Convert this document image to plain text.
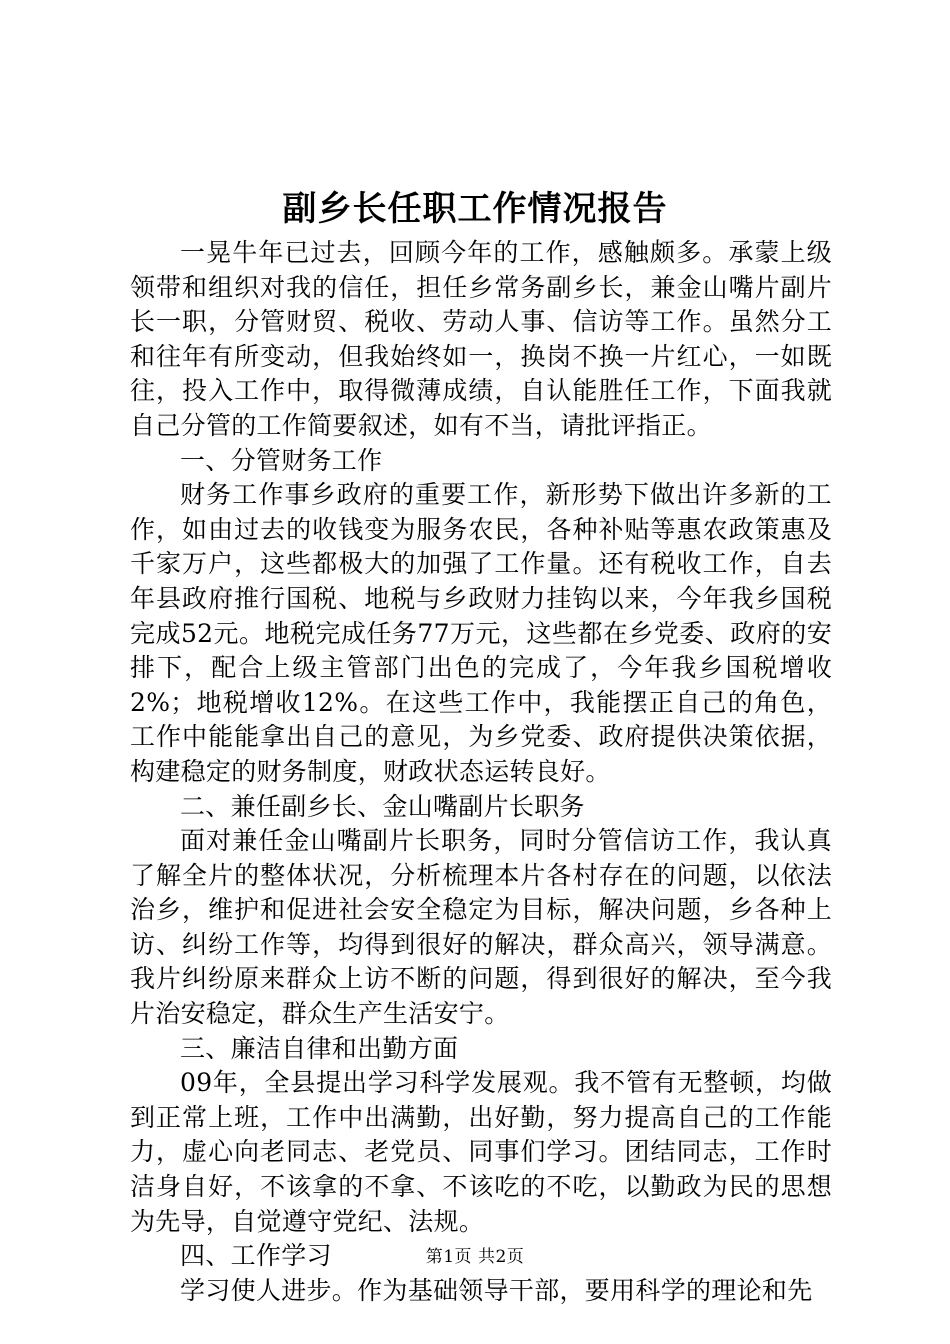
副乡长任职工作情况报告

一晃牛年已过去，回顾今年的工作，感触颇多。承蒙上级领带和组织对我的信任，担任乡常务副乡长，兼金山嘴片副片长一职，分管财贸、税收、劳动人事、信访等工作。虽然分工和往年有所变动，但我始终如一，换岗不换一片红心，一如既往，投入工作中，取得微薄成绩，自认能胜任工作，下面我就自己分管的工作简要叙述，如有不当，请批评指正。

一、分管财务工作

财务工作事乡政府的重要工作，新形势下做出许多新的工作，如由过去的收钱变为服务农民，各种补贴等惠农政策惠及千家万户，这些都极大的加强了工作量。还有税收工作，自去年县政府推行国税、地税与乡政财力挂钩以来，今年我乡国税完成52元。地税完成任务77万元，这些都在乡党委、政府的安排下，配合上级主管部门出色的完成了，今年我乡国税增收2%；地税增收12%。在这些工作中，我能摆正自己的角色，工作中能能拿出自己的意见，为乡党委、政府提供决策依据，构建稳定的财务制度，财政状态运转良好。

二、兼任副乡长、金山嘴副片长职务

面对兼任金山嘴副片长职务，同时分管信访工作，我认真了解全片的整体状况，分析梳理本片各村存在的问题，以依法治乡，维护和促进社会安全稳定为目标，解决问题，乡各种上访、纠纷工作等，均得到很好的解决，群众高兴，领导满意。我片纠纷原来群众上访不断的问题，得到很好的解决，至今我片治安稳定，群众生产生活安宁。

三、廉洁自律和出勤方面

09年，全县提出学习科学发展观。我不管有无整顿，均做到正常上班，工作中出满勤，出好勤，努力提高自己的工作能力，虚心向老同志、老党员、同事们学习。团结同志，工作时洁身自好，不该拿的不拿、不该吃的不吃，以勤政为民的思想为先导，自觉遵守党纪、法规。

四、工作学习

学习使人进步。作为基础领导干部，要用科学的理论和先

第1页 共2页
